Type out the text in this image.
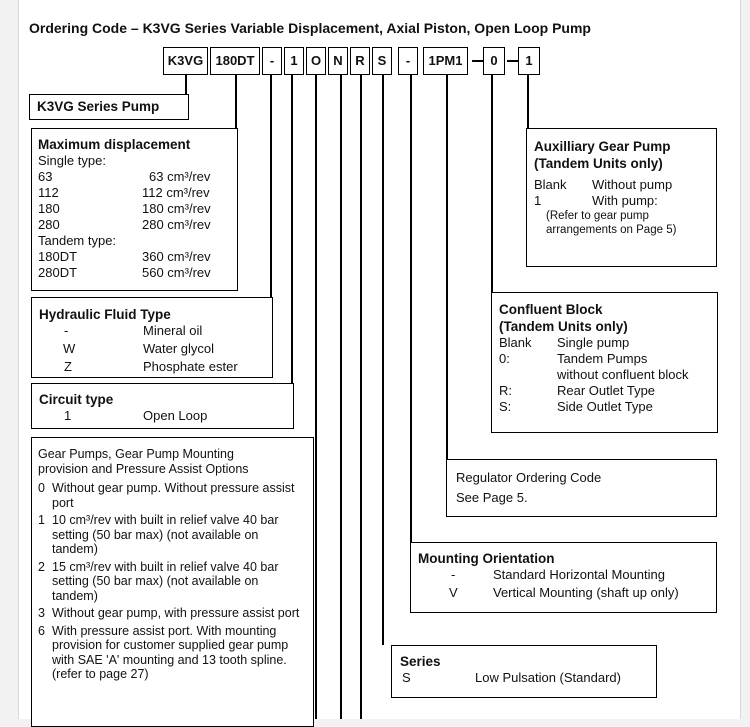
Ordering Code – K3VG Series Variable Displacement, Axial Piston, Open Loop Pump
K3VG 180DT	-	1	O N R S	-	1PM1	0	1
K3VG Series Pump
Maximum displacement
Single type:
63	63 cm³/rev
112	112 cm³/rev
180	180 cm³/rev
280	280 cm³/rev
Tandem type:
180DT	360 cm³/rev
280DT	560 cm³/rev
Hydraulic Fluid Type
-	Mineral oil
W	Water glycol
Z	Phosphate ester
Circuit type
1	Open Loop
Gear Pumps, Gear Pump Mounting
provision and Pressure Assist Options
0 Without gear pump. Without pressure assist port
1 10 cm³/rev with built in relief valve 40 bar setting (50 bar max) (not available on tandem)
2 15 cm³/rev with built in relief valve 40 bar setting (50 bar max) (not available on tandem)
3 Without gear pump, with pressure assist port
6 With pressure assist port. With mounting provision for customer supplied gear pump with SAE 'A' mounting and 13 tooth spline. (refer to page 27)
Auxilliary Gear Pump
(Tandem Units only)
Blank Without pump
1	With pump:
(Refer to gear pump
arrangements on Page 5)
Confluent Block
(Tandem Units only)
Blank Single pump
0:	Tandem Pumps
without confluent block
R:	Rear Outlet Type
S:	Side Outlet Type
Regulator Ordering Code
See Page 5.
Mounting Orientation
-	Standard Horizontal Mounting
V	Vertical Mounting (shaft up only)
Series
S	Low Pulsation (Standard)
